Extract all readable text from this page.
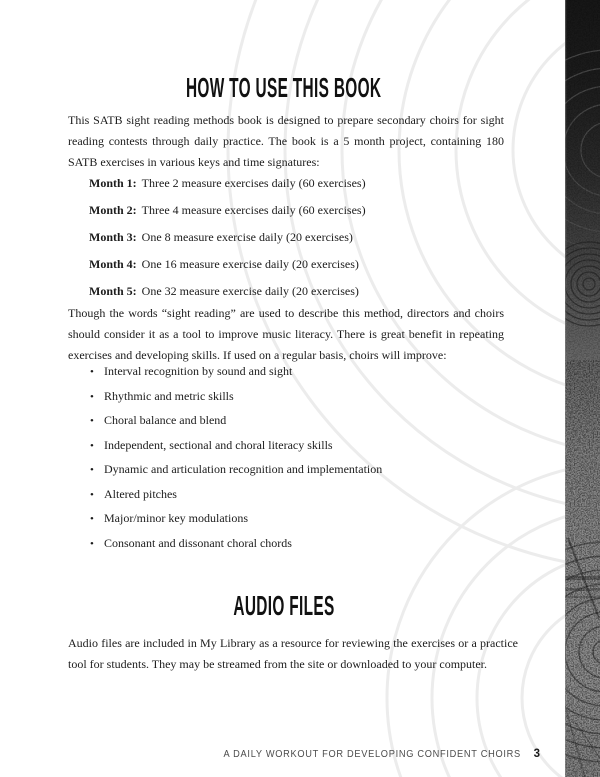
HOW TO USE THIS BOOK
This SATB sight reading methods book is designed to prepare secondary choirs for sight
reading contests through daily practice. The book is a 5 month project, containing 180
SATB exercises in various keys and time signatures:
Month 1: Three 2 measure exercises daily (60 exercises)
Month 2: Three 4 measure exercises daily (60 exercises)
Month 3: One 8 measure exercise daily (20 exercises)
Month 4: One 16 measure exercise daily (20 exercises)
Month 5: One 32 measure exercise daily (20 exercises)
Though the words “sight reading” are used to describe this method, directors and choirs
should consider it as a tool to improve music literacy. There is great benefit in repeating
exercises and developing skills. If used on a regular basis, choirs will improve:
• Interval recognition by sound and sight
• Rhythmic and metric skills
• Choral balance and blend
• Independent, sectional and choral literacy skills
• Dynamic and articulation recognition and implementation
• Altered pitches
• Major/minor key modulations
• Consonant and dissonant choral chords
AUDIO FILES
Audio files are included in My Library as a resource for reviewing the exercises or a practice
tool for students. They may be streamed from the site or downloaded to your computer.
A DAILY WORKOUT FOR DEVELOPING CONFIDENT CHOIRS 3
